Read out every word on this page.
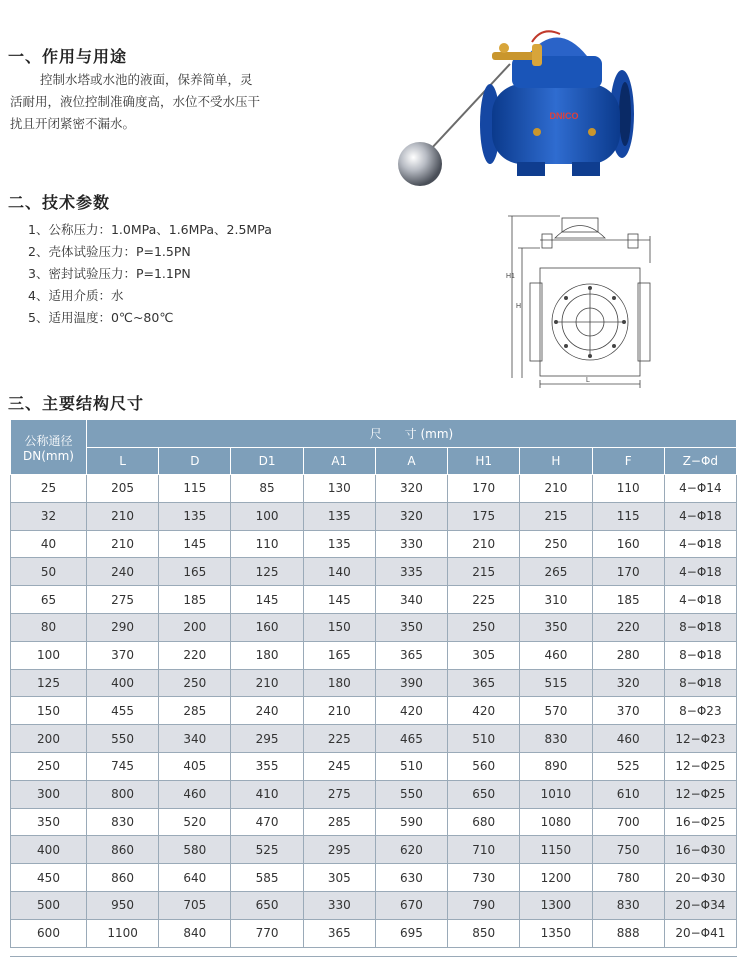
一、作用与用途

控制水塔或水池的液面，保养简单，灵活耐用，液位控制准确度高，水位不受水压干扰且开闭紧密不漏水。

二、技术参数
1、公称压力：1.0MPa、1.6MPa、2.5MPa
2、壳体试验压力：P=1.5PN
3、密封试验压力：P=1.1PN
4、适用介质：水
5、适用温度：0℃~80℃
DNICO
H1
H
L
三、主要结构尺寸
公称通径
DN(mm)	尺      寸 (mm)								
	L	D	D1	A1	A	H1	H	F	Z−Φd
25	205	115	85	130	320	170	210	110	4−Φ14
32	210	135	100	135	320	175	215	115	4−Φ18
40	210	145	110	135	330	210	250	160	4−Φ18
50	240	165	125	140	335	215	265	170	4−Φ18
65	275	185	145	145	340	225	310	185	4−Φ18
80	290	200	160	150	350	250	350	220	8−Φ18
100	370	220	180	165	365	305	460	280	8−Φ18
125	400	250	210	180	390	365	515	320	8−Φ18
150	455	285	240	210	420	420	570	370	8−Φ23
200	550	340	295	225	465	510	830	460	12−Φ23
250	745	405	355	245	510	560	890	525	12−Φ25
300	800	460	410	275	550	650	1010	610	12−Φ25
350	830	520	470	285	590	680	1080	700	16−Φ25
400	860	580	525	295	620	710	1150	750	16−Φ30
450	860	640	585	305	630	730	1200	780	20−Φ30
500	950	705	650	330	670	790	1300	830	20−Φ34
600	1100	840	770	365	695	850	1350	888	20−Φ41
